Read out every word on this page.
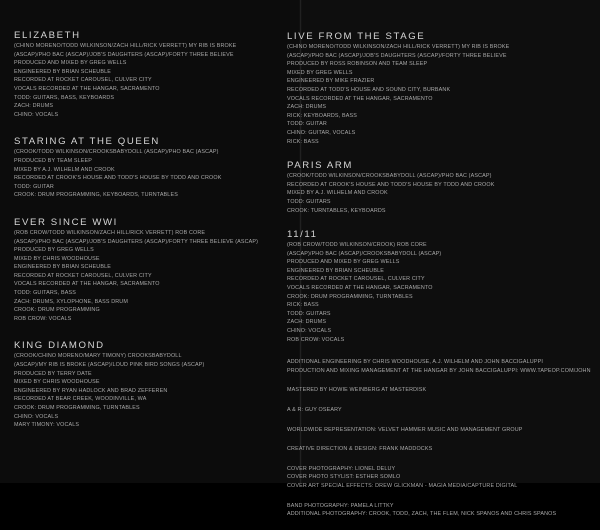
ELIZABETH
(CHINO MORENO/TODD WILKINSON/ZACH HILL/RICK VERRETT) MY RIB IS BROKE
(ASCAP)/PHO BAC (ASCAP)/JOB'S DAUGHTERS (ASCAP)/FORTY THREE BELIEVE
PRODUCED AND MIXED BY GREG WELLS
ENGINEERED BY BRIAN SCHEUBLE
RECORDED AT ROCKET CAROUSEL, CULVER CITY
VOCALS RECORDED AT THE HANGAR, SACRAMENTO
TODD: GUITARS, BASS, KEYBOARDS
ZACH: DRUMS
CHINO: VOCALS
STARING AT THE QUEEN
(CROOK/TODD WILKINSON/CROOKSBABYDOLL (ASCAP)/PHO BAC (ASCAP)
PRODUCED BY TEAM SLEEP
MIXED BY A.J. WILHELM AND CROOK
RECORDED AT CROOK'S HOUSE AND TODD'S HOUSE BY TODD AND CROOK
TODD: GUITAR
CROOK: DRUM PROGRAMMING, KEYBOARDS, TURNTABLES
EVER SINCE WWI
(ROB CROW/TODD WILKINSON/ZACH HILL/RICK VERRETT) ROB CORE
(ASCAP)/PHO BAC (ASCAP)/JOB'S DAUGHTERS (ASCAP)/FORTY THREE BELIEVE (ASCAP)
PRODUCED BY GREG WELLS
MIXED BY CHRIS WOODHOUSE
ENGINEERED BY BRIAN SCHEUBLE
RECORDED AT ROCKET CAROUSEL, CULVER CITY
VOCALS RECORDED AT THE HANGAR, SACRAMENTO
TODD: GUITARS, BASS
ZACH: DRUMS, XYLOPHONE, BASS DRUM
CROOK: DRUM PROGRAMMING
ROB CROW: VOCALS
KING DIAMOND
(CROOK/CHINO MORENO/MARY TIMONY) CROOKSBABYDOLL
(ASCAP)/MY RIB IS BROKE (ASCAP)/LOUD PINK BIRD SONGS (ASCAP)
PRODUCED BY TERRY DATE
MIXED BY CHRIS WOODHOUSE
ENGINEERED BY RYAN HADLOCK AND BRAD ZEFFEREN
RECORDED AT BEAR CREEK, WOODINVILLE, WA
CROOK: DRUM PROGRAMMING, TURNTABLES
CHINO: VOCALS
MARY TIMONY: VOCALS
LIVE FROM THE STAGE
(CHINO MORENO/TODD WILKINSON/ZACH HILL/RICK VERRETT) MY RIB IS BROKE
(ASCAP)/PHO BAC (ASCAP)/JOB'S DAUGHTERS (ASCAP)/FORTY THREE BELIEVE
PRODUCED BY ROSS ROBINSON AND TEAM SLEEP
MIXED BY GREG WELLS
ENGINEERED BY MIKE FRAZIER
RECORDED AT TODD'S HOUSE AND SOUND CITY, BURBANK
VOCALS RECORDED AT THE HANGAR, SACRAMENTO
ZACH: DRUMS
RICK: KEYBOARDS, BASS
TODD: GUITAR
CHINO: GUITAR, VOCALS
RICK: BASS
PARIS ARM
(CROOK/TODD WILKINSON/CROOKSBABYDOLL (ASCAP)/PHO BAC (ASCAP)
RECORDED AT CROOK'S HOUSE AND TODD'S HOUSE BY TODD AND CROOK
MIXED BY A.J. WILHELM AND CROOK
TODD: GUITARS
CROOK: TURNTABLES, KEYBOARDS
11/11
(ROB CROW/TODD WILKINSON/CROOK) ROB CORE
(ASCAP)/PHO BAC (ASCAP)/CROOKSBABYDOLL (ASCAP)
PRODUCED AND MIXED BY GREG WELLS
ENGINEERED BY BRIAN SCHEUBLE
RECORDED AT ROCKET CAROUSEL, CULVER CITY
VOCALS RECORDED AT THE HANGAR, SACRAMENTO
CROOK: DRUM PROGRAMMING, TURNTABLES
RICK: BASS
TODD: GUITARS
ZACH: DRUMS
CHINO: VOCALS
ROB CROW: VOCALS
ADDITIONAL ENGINEERING BY CHRIS WOODHOUSE, A.J. WILHELM AND JOHN BACCIGALUPPI
PRODUCTION AND MIXING MANAGEMENT AT THE HANGAR BY JOHN BACCIGALUPPI: WWW.TAPEOP.COM/JOHN
MASTERED BY HOWIE WEINBERG AT MASTERDISK
A & R: GUY OSEARY
WORLDWIDE REPRESENTATION: VELVET HAMMER MUSIC AND MANAGEMENT GROUP
CREATIVE DIRECTION & DESIGN: FRANK MADDOCKS
COVER PHOTOGRAPHY: LIONEL DELUY
COVER PHOTO STYLIST: ESTHER SOMLO
COVER ART SPECIAL EFFECTS: DREW GLICKMAN - MAGIA MEDIA/CAPTURE DIGITAL
BAND PHOTOGRAPHY: PAMELA LITTKY
ADDITIONAL PHOTOGRAPHY: CROOK, TODD, ZACH, THE FLEM, NICK SPANOS AND CHRIS SPANOS
